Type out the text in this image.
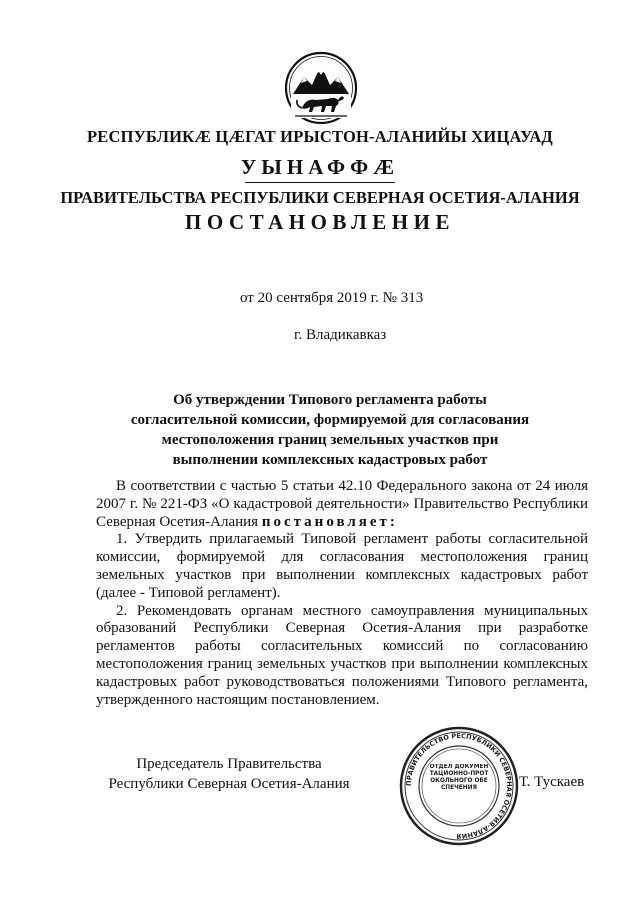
РЕСПУБЛИКÆ ЦÆГАТ ИРЫСТОН-АЛАНИЙЫ ХИЦАУАД
УЫНАФФÆ
ПРАВИТЕЛЬСТВА РЕСПУБЛИКИ СЕВЕРНАЯ ОСЕТИЯ-АЛАНИЯ
ПОСТАНОВЛЕНИЕ
от 20 сентября 2019 г. № 313
г. Владикавказ
Об утверждении Типового регламента работы согласительной комиссии, формируемой для согласования местоположения границ земельных участков при выполнении комплексных кадастровых работ

В соответствии с частью 5 статьи 42.10 Федерального закона от 24 июля 2007 г. № 221-ФЗ «О кадастровой деятельности» Правительство Республики Северная Осетия-Алания постановляет:

1. Утвердить прилагаемый Типовой регламент работы согласительной комиссии, формируемой для согласования местоположения границ земельных участков при выполнении комплексных кадастровых работ (далее - Типовой регламент).

2. Рекомендовать органам местного самоуправления муниципальных образований Республики Северная Осетия-Алания при разработке регламентов работы согласительных комиссий по согласованию местоположения границ земельных участков при выполнении комплексных кадастровых работ руководствоваться положениями Типового регламента, утвержденного настоящим постановлением.

Председатель Правительства
Республики Северная Осетия-Алания	ПРАВИТЕЛЬСТВО РЕСПУБЛИКИ СЕВЕРНАЯ ОСЕТИЯ-АЛАНИЯ
ОТДЕЛ ДОКУМЕНТАЦИОННО-ПРОТОКОЛЬНОГО ОБЕСПЕЧЕНИЯ	Т. Тускаев
